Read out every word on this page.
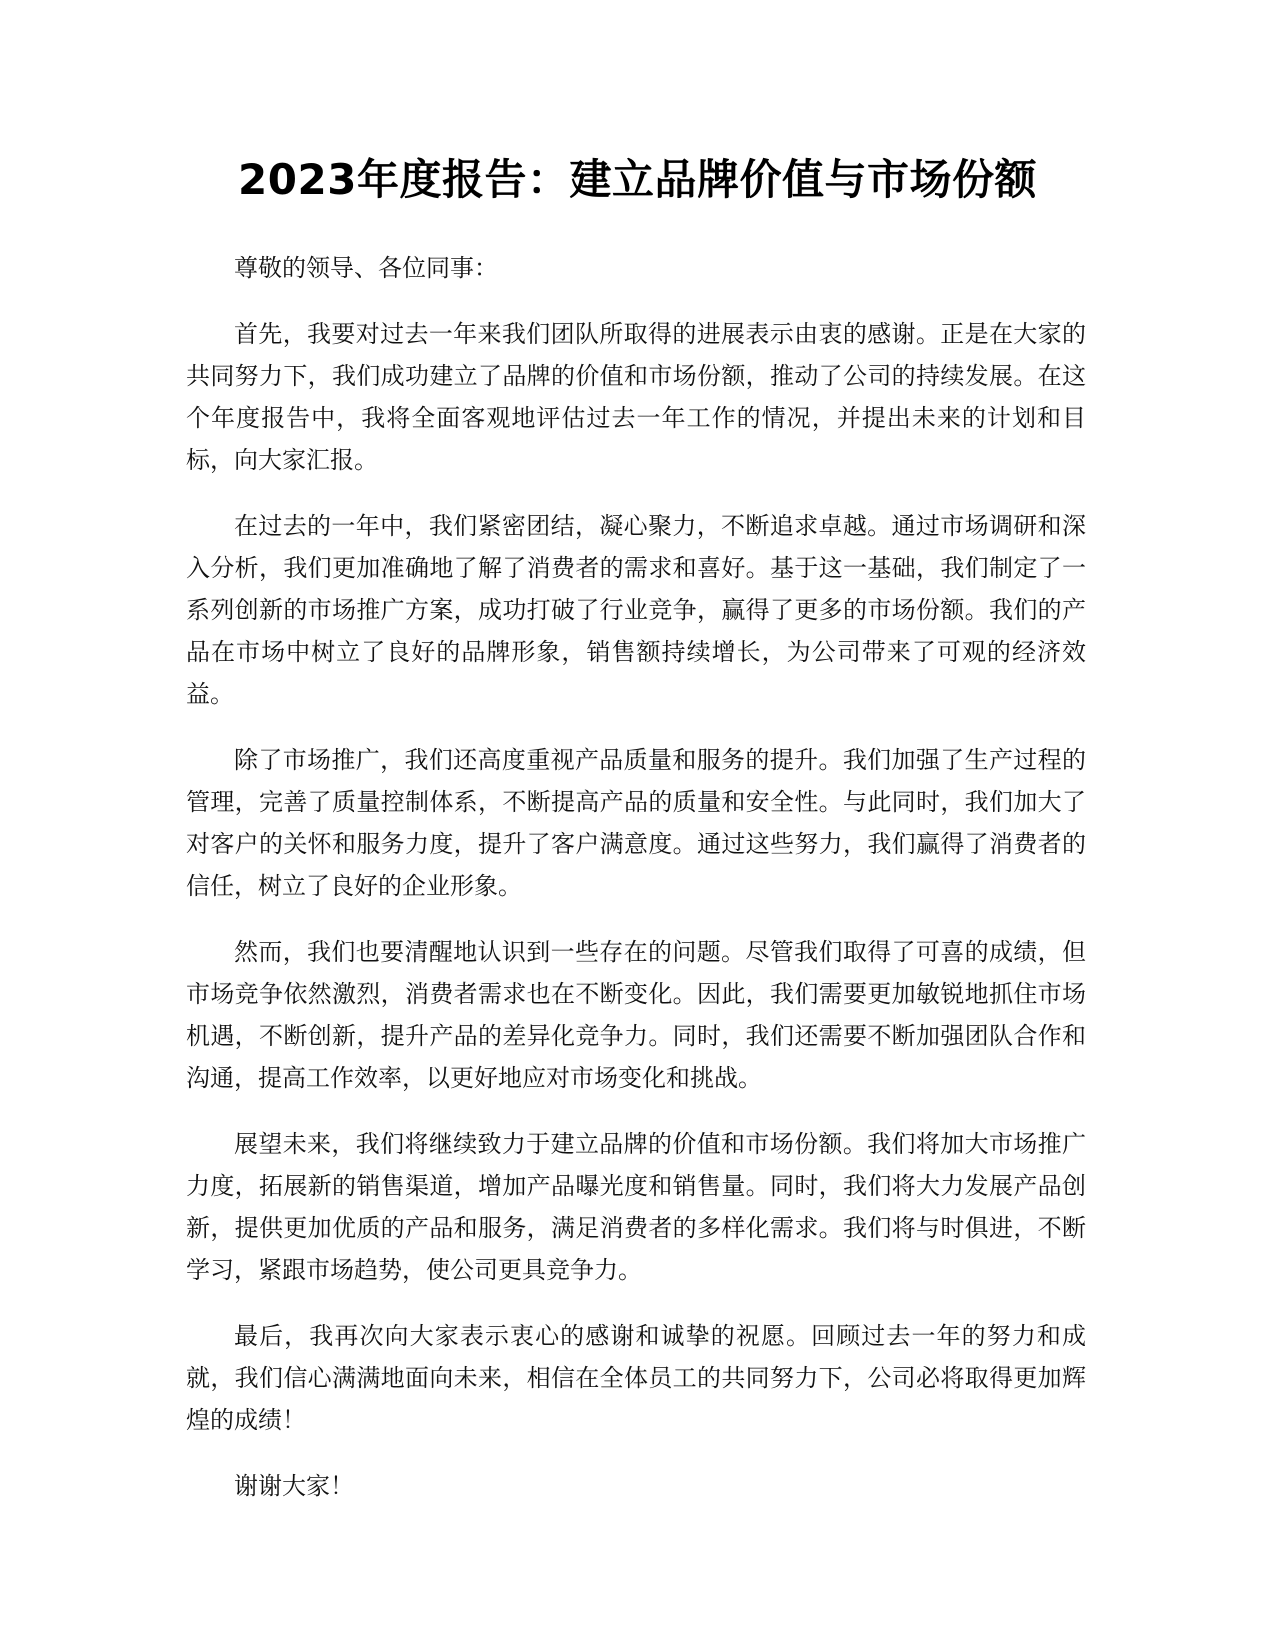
2023年度报告：建立品牌价值与市场份额

尊敬的领导、各位同事：

首先，我要对过去一年来我们团队所取得的进展表示由衷的感谢。正是在大家的共同努力下，我们成功建立了品牌的价值和市场份额，推动了公司的持续发展。在这个年度报告中，我将全面客观地评估过去一年工作的情况，并提出未来的计划和目标，向大家汇报。

在过去的一年中，我们紧密团结，凝心聚力，不断追求卓越。通过市场调研和深入分析，我们更加准确地了解了消费者的需求和喜好。基于这一基础，我们制定了一系列创新的市场推广方案，成功打破了行业竞争，赢得了更多的市场份额。我们的产品在市场中树立了良好的品牌形象，销售额持续增长，为公司带来了可观的经济效益。

除了市场推广，我们还高度重视产品质量和服务的提升。我们加强了生产过程的管理，完善了质量控制体系，不断提高产品的质量和安全性。与此同时，我们加大了对客户的关怀和服务力度，提升了客户满意度。通过这些努力，我们赢得了消费者的信任，树立了良好的企业形象。

然而，我们也要清醒地认识到一些存在的问题。尽管我们取得了可喜的成绩，但市场竞争依然激烈，消费者需求也在不断变化。因此，我们需要更加敏锐地抓住市场机遇，不断创新，提升产品的差异化竞争力。同时，我们还需要不断加强团队合作和沟通，提高工作效率，以更好地应对市场变化和挑战。

展望未来，我们将继续致力于建立品牌的价值和市场份额。我们将加大市场推广力度，拓展新的销售渠道，增加产品曝光度和销售量。同时，我们将大力发展产品创新，提供更加优质的产品和服务，满足消费者的多样化需求。我们将与时俱进，不断学习，紧跟市场趋势，使公司更具竞争力。

最后，我再次向大家表示衷心的感谢和诚挚的祝愿。回顾过去一年的努力和成就，我们信心满满地面向未来，相信在全体员工的共同努力下，公司必将取得更加辉煌的成绩！

谢谢大家！
